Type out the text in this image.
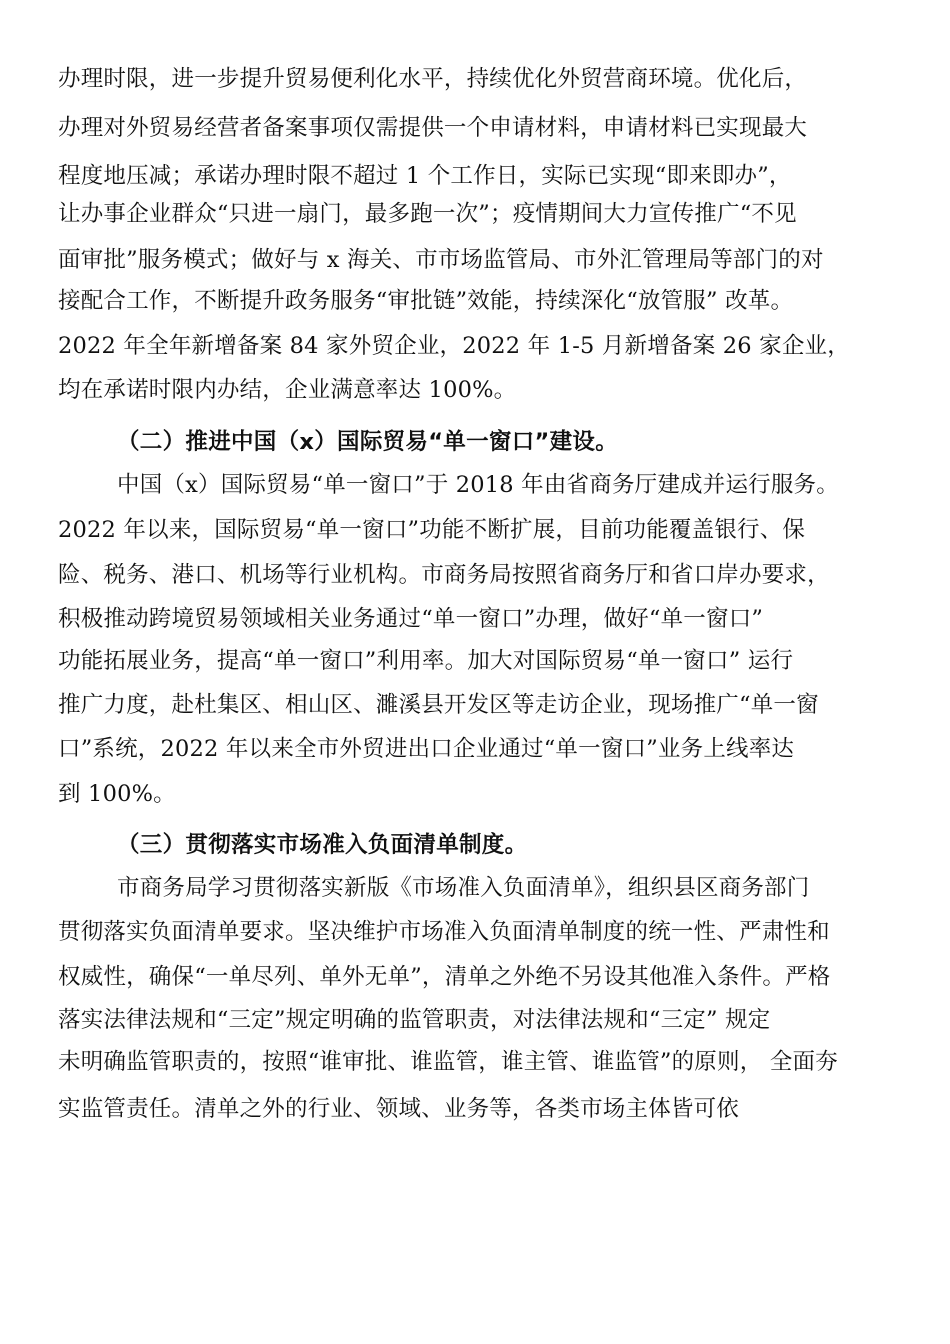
办理时限，进一步提升贸易便利化水平，持续优化外贸营商环境。优化后，
办理对外贸易经营者备案事项仅需提供一个申请材料，申请材料已实现最大
程度地压减；承诺办理时限不超过 1 个工作日，实际已实现“即来即办”，
让办事企业群众“只进一扇门，最多跑一次”；疫情期间大力宣传推广“不见
面审批”服务模式；做好与 x 海关、市市场监管局、市外汇管理局等部门的对
接配合工作，不断提升政务服务“审批链”效能，持续深化“放管服” 改革。
2022 年全年新增备案 84 家外贸企业，2022 年 1-5 月新增备案 26 家企业，
均在承诺时限内办结，企业满意率达 100%。
（二）推进中国（x）国际贸易“单一窗口”建设。
中国（x）国际贸易“单一窗口”于 2018 年由省商务厅建成并运行服务。
2022 年以来，国际贸易“单一窗口”功能不断扩展，目前功能覆盖银行、保
险、税务、港口、机场等行业机构。市商务局按照省商务厅和省口岸办要求，
积极推动跨境贸易领域相关业务通过“单一窗口”办理，做好“单一窗口”
功能拓展业务，提高“单一窗口”利用率。加大对国际贸易“单一窗口” 运行
推广力度，赴杜集区、相山区、濉溪县开发区等走访企业，现场推广“单一窗
口”系统，2022 年以来全市外贸进出口企业通过“单一窗口”业务上线率达
到 100%。
（三）贯彻落实市场准入负面清单制度。
市商务局学习贯彻落实新版《市场准入负面清单》，组织县区商务部门
贯彻落实负面清单要求。坚决维护市场准入负面清单制度的统一性、严肃性和
权威性，确保“一单尽列、单外无单”，清单之外绝不另设其他准入条件。严格
落实法律法规和“三定”规定明确的监管职责，对法律法规和“三定” 规定
未明确监管职责的，按照“谁审批、谁监管，谁主管、谁监管”的原则， 全面夯
实监管责任。清单之外的行业、领域、业务等，各类市场主体皆可依
